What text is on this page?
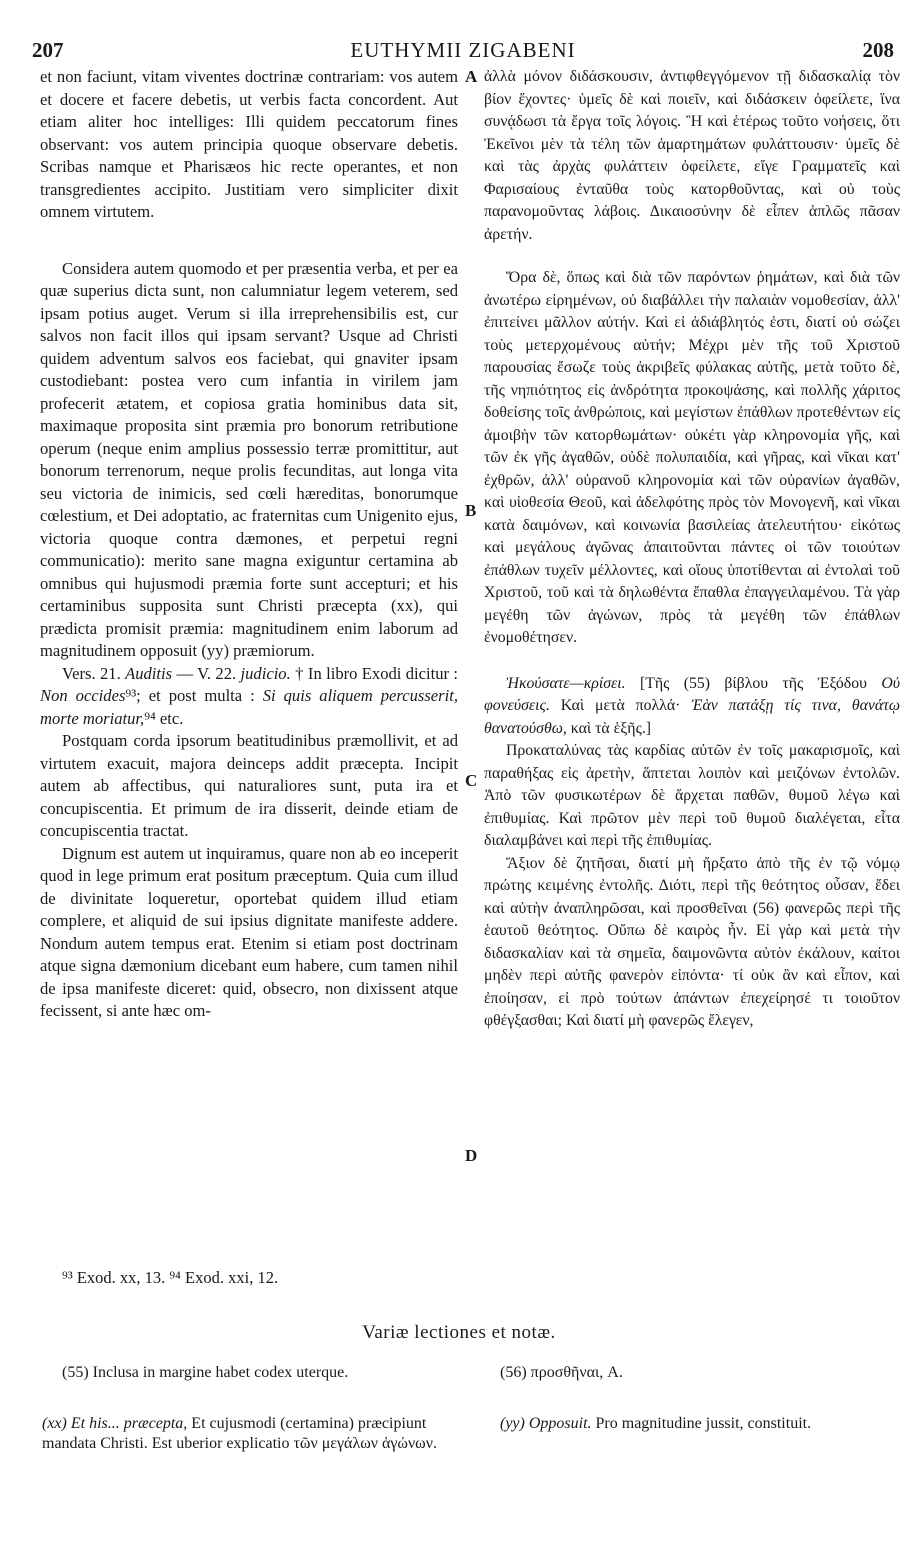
207	EUTHYMII ZIGABENI	208
A
B
C
D

et non faciunt, vitam viventes doctrinæ contrariam: vos autem et docere et facere debetis, ut verbis facta concordent. Aut etiam aliter hoc intelliges: Illi quidem peccatorum fines observant: vos autem principia quoque observare debetis. Scribas namque et Pharisæos hic recte operantes, et non transgredientes accipito. Justitiam vero simpliciter dixit omnem virtutem.

Considera autem quomodo et per præsentia verba, et per ea quæ superius dicta sunt, non calumniatur legem veterem, sed ipsam potius auget. Verum si illa irreprehensibilis est, cur salvos non facit illos qui ipsam servant? Usque ad Christi quidem adventum salvos eos faciebat, qui gnaviter ipsam custodiebant: postea vero cum infantia in virilem jam profecerit ætatem, et copiosa gratia hominibus data sit, maximaque proposita sint præmia pro bonorum retributione operum (neque enim amplius possessio terræ promittitur, aut bonorum terrenorum, neque prolis fecunditas, aut longa vita seu victoria de inimicis, sed cœli hæreditas, bonorumque cœlestium, et Dei adoptatio, ac fraternitas cum Unigenito ejus, victoria quoque contra dæmones, et perpetui regni communicatio): merito sane magna exiguntur certamina ab omnibus qui hujusmodi præmia forte sunt accepturi; et his certaminibus supposita sunt Christi præcepta (xx), qui prædicta promisit præmia: magnitudinem enim laborum ad magnitudinem opposuit (yy) præmiorum.

Vers. 21. Auditis — V. 22. judicio. † In libro Exodi dicitur : Non occides⁹³; et post multa : Si quis aliquem percusserit, morte moriatur,⁹⁴ etc.

Postquam corda ipsorum beatitudinibus præmollivit, et ad virtutem exacuit, majora deinceps addit præcepta. Incipit autem ab affectibus, qui naturaliores sunt, puta ira et concupiscentia. Et primum de ira disserit, deinde etiam de concupiscentia tractat.

Dignum est autem ut inquiramus, quare non ab eo inceperit quod in lege primum erat positum præceptum. Quia cum illud de divinitate loqueretur, oportebat quidem illud etiam complere, et aliquid de sui ipsius dignitate manifeste addere. Nondum autem tempus erat. Etenim si etiam post doctrinam atque signa dæmonium dicebant eum habere, cum tamen nihil de ipsa manifeste diceret: quid, obsecro, non dixissent atque fecissent, si ante hæc om-

ἀλλὰ μόνον διδάσκουσιν, ἀντιφθεγγόμενον τῇ διδασκαλίᾳ τὸν βίον ἔχοντες· ὑμεῖς δὲ καὶ ποιεῖν, καὶ διδάσκειν ὀφείλετε, ἵνα συνᾴδωσι τὰ ἔργα τοῖς λόγοις. Ἢ καὶ ἑτέρως τοῦτο νοήσεις, ὅτι Ἐκεῖνοι μὲν τὰ τέλη τῶν ἁμαρτημάτων φυλάττουσιν· ὑμεῖς δὲ καὶ τὰς ἀρχὰς φυλάττειν ὀφείλετε, εἴγε Γραμματεῖς καὶ Φαρισαίους ἐνταῦθα τοὺς κατορθοῦντας, καὶ οὐ τοὺς παρανομοῦντας λάβοις. Δικαιοσύνην δὲ εἶπεν ἁπλῶς πᾶσαν ἀρετήν.

Ὅρα δὲ, ὅπως καὶ διὰ τῶν παρόντων ῥημάτων, καὶ διὰ τῶν ἀνωτέρω εἰρημένων, οὐ διαβάλλει τὴν παλαιὰν νομοθεσίαν, ἀλλ' ἐπιτείνει μᾶλλον αὐτήν. Καὶ εἰ ἀδιάβλητός ἐστι, διατί οὐ σώζει τοὺς μετερχομένους αὐτήν; Μέχρι μὲν τῆς τοῦ Χριστοῦ παρουσίας ἔσωζε τοὺς ἀκριβεῖς φύλακας αὐτῆς, μετὰ τοῦτο δὲ, τῆς νηπιότητος εἰς ἀνδρότητα προκοψάσης, καὶ πολλῆς χάριτος δοθείσης τοῖς ἀνθρώποις, καὶ μεγίστων ἐπάθλων προτεθέντων εἰς ἀμοιβὴν τῶν κατορθωμάτων· οὐκέτι γὰρ κληρονομία γῆς, καὶ τῶν ἐκ γῆς ἀγαθῶν, οὐδὲ πολυπαιδία, καὶ γῆρας, καὶ νῖκαι κατ' ἐχθρῶν, ἀλλ' οὐρανοῦ κληρονομία καὶ τῶν οὐρανίων ἀγαθῶν, καὶ υἱοθεσία Θεοῦ, καὶ ἀδελφότης πρὸς τὸν Μονογενῆ, καὶ νῖκαι κατὰ δαιμόνων, καὶ κοινωνία βασιλείας ἀτελευτήτου· εἰκότως καὶ μεγάλους ἀγῶνας ἀπαιτοῦνται πάντες οἱ τῶν τοιούτων ἐπάθλων τυχεῖν μέλλοντες, καὶ οἵους ὑποτίθενται αἱ ἐντολαὶ τοῦ Χριστοῦ, τοῦ καὶ τὰ δηλωθέντα ἔπαθλα ἐπαγγειλαμένου. Τὰ γὰρ μεγέθη τῶν ἀγώνων, πρὸς τὰ μεγέθη τῶν ἐπάθλων ἐνομοθέτησεν.

Ἠκούσατε—κρίσει. [Τῆς (55) βίβλου τῆς Ἐξόδου Οὐ φονεύσεις. Καὶ μετὰ πολλά· Ἐὰν πατάξῃ τίς τινα, θανάτῳ θανατούσθω, καὶ τὰ ἑξῆς.]

Προκαταλύνας τὰς καρδίας αὐτῶν ἐν τοῖς μακαρισμοῖς, καὶ παραθήξας εἰς ἀρετὴν, ἅπτεται λοιπὸν καὶ μειζόνων ἐντολῶν. Ἀπὸ τῶν φυσικωτέρων δὲ ἄρχεται παθῶν, θυμοῦ λέγω καὶ ἐπιθυμίας. Καὶ πρῶτον μὲν περὶ τοῦ θυμοῦ διαλέγεται, εἶτα διαλαμβάνει καὶ περὶ τῆς ἐπιθυμίας.

Ἄξιον δὲ ζητῆσαι, διατί μὴ ἤρξατο ἀπὸ τῆς ἐν τῷ νόμῳ πρώτης κειμένης ἐντολῆς. Διότι, περὶ τῆς θεότητος οὖσαν, ἔδει καὶ αὐτὴν ἀναπληρῶσαι, καὶ προσθεῖναι (56) φανερῶς περὶ τῆς ἑαυτοῦ θεότητος. Οὔπω δὲ καιρὸς ἦν. Εἰ γὰρ καὶ μετὰ τὴν διδασκαλίαν καὶ τὰ σημεῖα, δαιμονῶντα αὐτὸν ἐκάλουν, καίτοι μηδὲν περὶ αὐτῆς φανερὸν εἰπόντα· τί οὐκ ἂν καὶ εἶπον, καὶ ἐποίησαν, εἰ πρὸ τούτων ἁπάντων ἐπεχείρησέ τι τοιοῦτον φθέγξασθαι; Καὶ διατί μὴ φανερῶς ἔλεγεν,

⁹³ Exod. xx, 13. ⁹⁴ Exod. xxi, 12.
Variæ lectiones et notæ.
(55) Inclusa in margine habet codex uterque.	(56) προσθῆναι, A.
(xx) Et his... præcepta, Et cujusmodi (certamina) præcipiunt mandata Christi. Est uberior explicatio τῶν μεγάλων ἀγώνων.
(yy) Opposuit. Pro magnitudine jussit, constituit.
